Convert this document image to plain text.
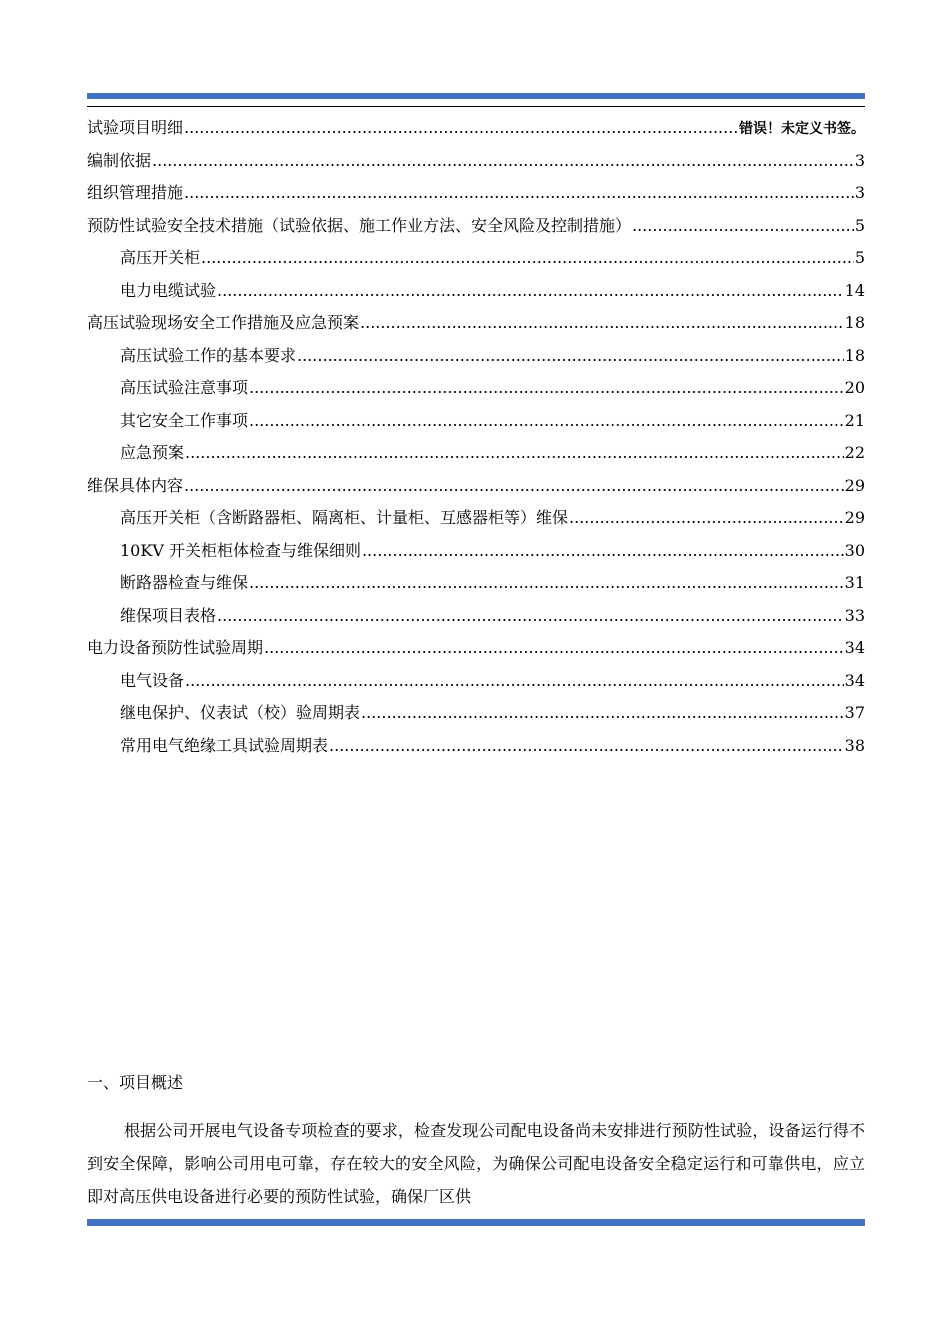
试验项目明细 .....	错误！未定义书签。
编制依据 .....	3
组织管理措施 .....	3
预防性试验安全技术措施（试验依据、施工作业方法、安全风险及控制措施） .....	5
高压开关柜 .....	5
电力电缆试验 .....	14
高压试验现场安全工作措施及应急预案 .....	18
高压试验工作的基本要求 .....	18
高压试验注意事项 .....	20
其它安全工作事项 .....	21
应急预案 .....	22
维保具体内容 .....	29
高压开关柜（含断路器柜、隔离柜、计量柜、互感器柜等）维保 .....	29
10KV 开关柜柜体检查与维保细则 .....	30
断路器检查与维保 .....	31
维保项目表格 .....	33
电力设备预防性试验周期 .....	34
电气设备 .....	34
继电保护、仪表试（校）验周期表 .....	37
常用电气绝缘工具试验周期表 .....	38
一、项目概述

根据公司开展电气设备专项检查的要求，检查发现公司配电设备尚未安排进行预防性试验，设备运行得不到安全保障，影响公司用电可靠，存在较大的安全风险，为确保公司配电设备安全稳定运行和可靠供电，应立即对高压供电设备进行必要的预防性试验，确保厂区供
